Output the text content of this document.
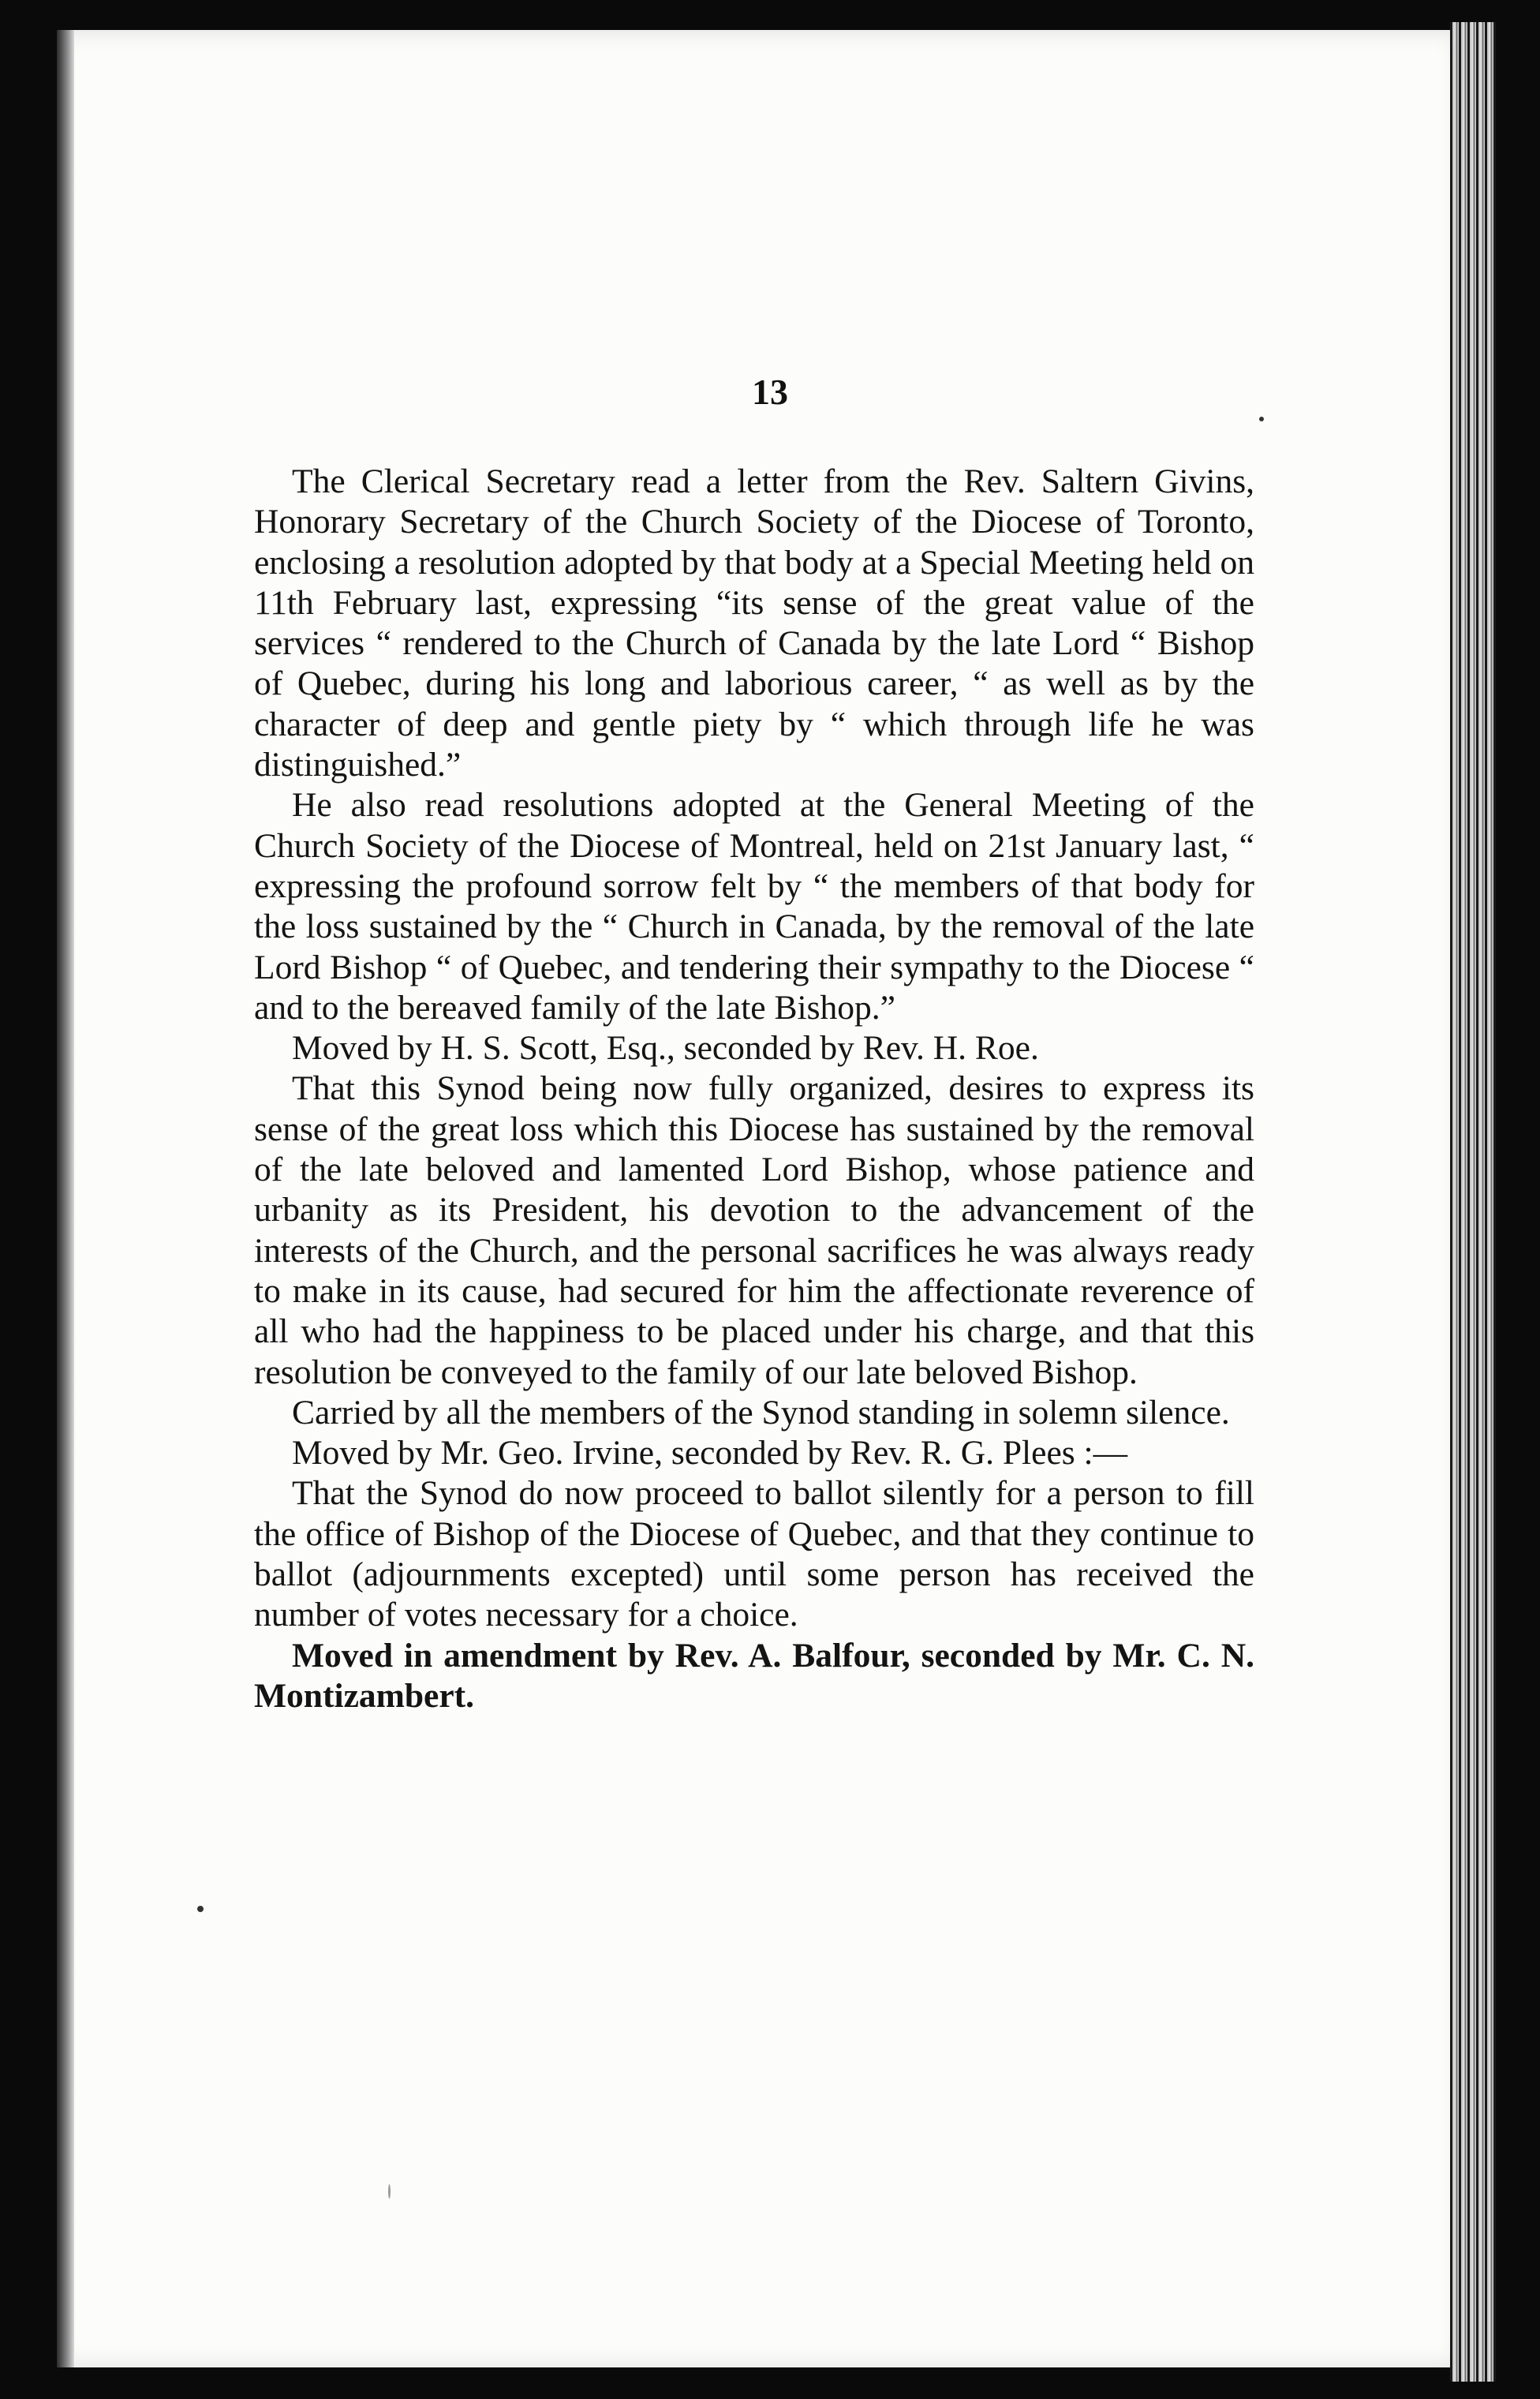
13

The Clerical Secretary read a letter from the Rev. Saltern Givins, Honorary Secretary of the Church Society of the Diocese of Toronto, enclosing a resolution adopted by that body at a Special Meeting held on 11th February last, expressing “its sense of the great value of the services “ rendered to the Church of Canada by the late Lord “ Bishop of Quebec, during his long and laborious career, “ as well as by the character of deep and gentle piety by “ which through life he was distinguished.”

He also read resolutions adopted at the General Meeting of the Church Society of the Diocese of Montreal, held on 21st January last, “ expressing the profound sorrow felt by “ the members of that body for the loss sustained by the “ Church in Canada, by the removal of the late Lord Bishop “ of Quebec, and tendering their sympathy to the Diocese “ and to the bereaved family of the late Bishop.”

Moved by H. S. Scott, Esq., seconded by Rev. H. Roe.

That this Synod being now fully organized, desires to express its sense of the great loss which this Diocese has sustained by the removal of the late beloved and lamented Lord Bishop, whose patience and urbanity as its President, his devotion to the advancement of the interests of the Church, and the personal sacrifices he was always ready to make in its cause, had secured for him the affectionate reverence of all who had the happiness to be placed under his charge, and that this resolution be conveyed to the family of our late beloved Bishop.

Carried by all the members of the Synod standing in solemn silence.

Moved by Mr. Geo. Irvine, seconded by Rev. R. G. Plees :—

That the Synod do now proceed to ballot silently for a person to fill the office of Bishop of the Diocese of Quebec, and that they continue to ballot (adjournments excepted) until some person has received the number of votes necessary for a choice.

Moved in amendment by Rev. A. Balfour, seconded by Mr. C. N. Montizambert.
